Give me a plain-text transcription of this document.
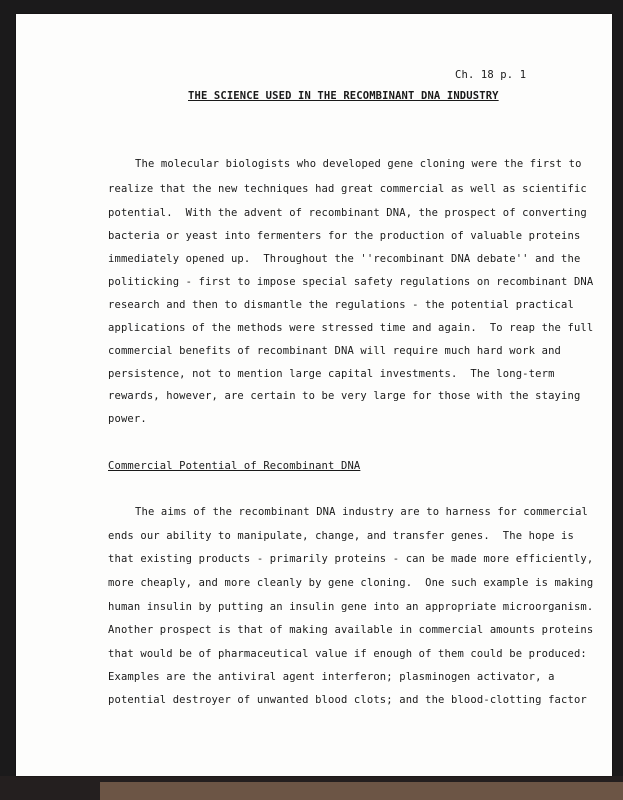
Ch. 18 p. 1
THE SCIENCE USED IN THE RECOMBINANT DNA INDUSTRY
The molecular biologists who developed gene cloning were the first to
realize that the new techniques had great commercial as well as scientific
potential.  With the advent of recombinant DNA, the prospect of converting
bacteria or yeast into fermenters for the production of valuable proteins
immediately opened up.  Throughout the ''recombinant DNA debate'' and the
politicking - first to impose special safety regulations on recombinant DNA
research and then to dismantle the regulations - the potential practical
applications of the methods were stressed time and again.  To reap the full
commercial benefits of recombinant DNA will require much hard work and
persistence, not to mention large capital investments.  The long-term
rewards, however, are certain to be very large for those with the staying
power.
Commercial Potential of Recombinant DNA
The aims of the recombinant DNA industry are to harness for commercial
ends our ability to manipulate, change, and transfer genes.  The hope is
that existing products - primarily proteins - can be made more efficiently,
more cheaply, and more cleanly by gene cloning.  One such example is making
human insulin by putting an insulin gene into an appropriate microorganism.
Another prospect is that of making available in commercial amounts proteins
that would be of pharmaceutical value if enough of them could be produced:
Examples are the antiviral agent interferon; plasminogen activator, a
potential destroyer of unwanted blood clots; and the blood-clotting factor
